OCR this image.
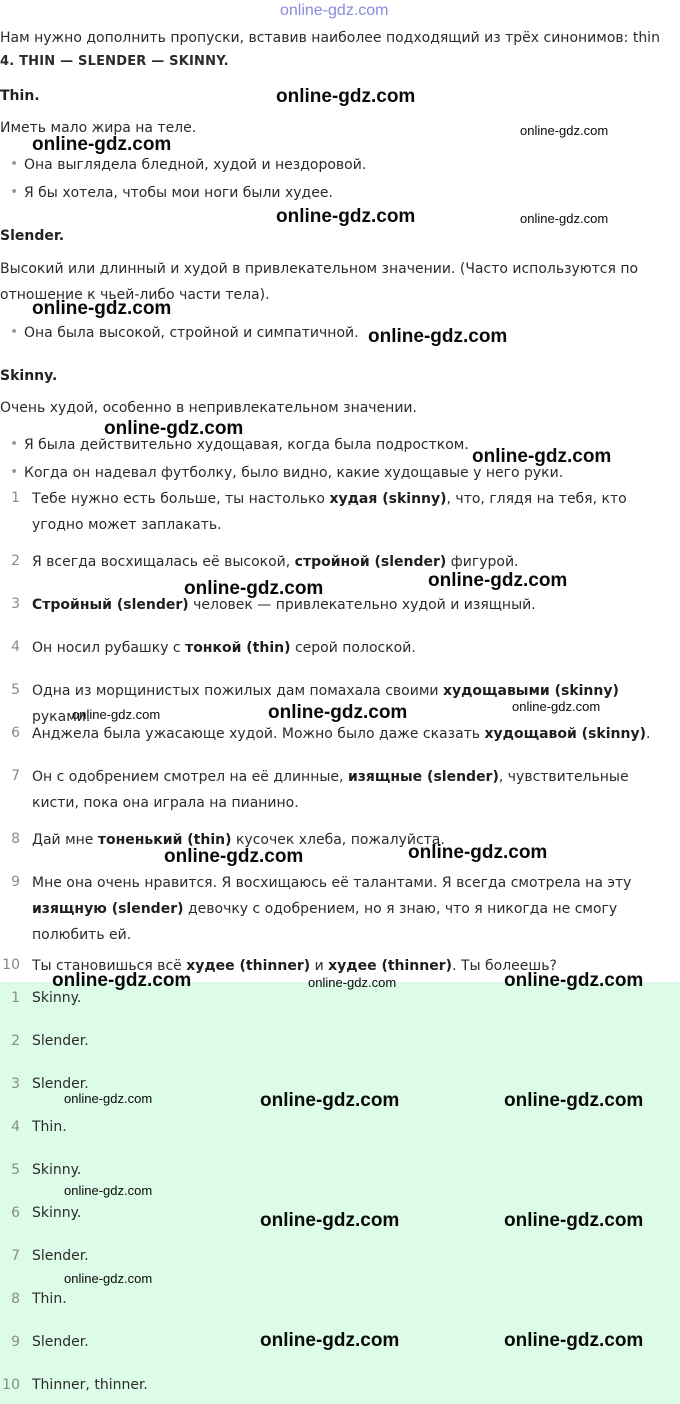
online-gdz.com
Нам нужно дополнить пропуски, вставив наиболее подходящий из трёх синонимов: thin
4. THIN — SLENDER — SKINNY.
Thin.
Иметь мало жира на теле.
• Она выглядела бледной, худой и нездоровой.
• Я бы хотела, чтобы мои ноги были худее.
Slender.
Высокий или длинный и худой в привлекательном значении. (Часто используются по отношение к чьей-либо части тела).
• Она была высокой, стройной и симпатичной.
Skinny.
Очень худой, особенно в непривлекательном значении.
• Я была действительно худощавая, когда была подростком.
• Когда он надевал футболку, было видно, какие худощавые у него руки.
1 Тебе нужно есть больше, ты настолько худая (skinny), что, глядя на тебя, кто угодно может заплакать.
2 Я всегда восхищалась её высокой, стройной (slender) фигурой.
3 Стройный (slender) человек — привлекательно худой и изящный.
4 Он носил рубашку с тонкой (thin) серой полоской.
5 Одна из морщинистых пожилых дам помахала своими худощавыми (skinny) руками.
6 Анджела была ужасающе худой. Можно было даже сказать худощавой (skinny).
7 Он с одобрением смотрел на её длинные, изящные (slender), чувствительные кисти, пока она играла на пианино.
8 Дай мне тоненький (thin) кусочек хлеба, пожалуйста.
9 Мне она очень нравится. Я восхищаюсь её талантами. Я всегда смотрела на эту изящную (slender) девочку с одобрением, но я знаю, что я никогда не смогу полюбить ей.
10 Ты становишься всё худее (thinner) и худее (thinner). Ты болеешь?
1 Skinny.
2 Slender.
3 Slender.
4 Thin.
5 Skinny.
6 Skinny.
7 Slender.
8 Thin.
9 Slender.
10 Thinner, thinner.
online-gdz.com
online-gdz.com
online-gdz.com
online-gdz.com	online-gdz.com
online-gdz.com
online-gdz.com
online-gdz.com
online-gdz.com
online-gdz.com	online-gdz.com
online-gdz.com	online-gdz.com	online-gdz.com
online-gdz.com	online-gdz.com
online-gdz.com	online-gdz.com	online-gdz.com
online-gdz.com	online-gdz.com	online-gdz.com
online-gdz.com
online-gdz.com	online-gdz.com
online-gdz.com
online-gdz.com	online-gdz.com
